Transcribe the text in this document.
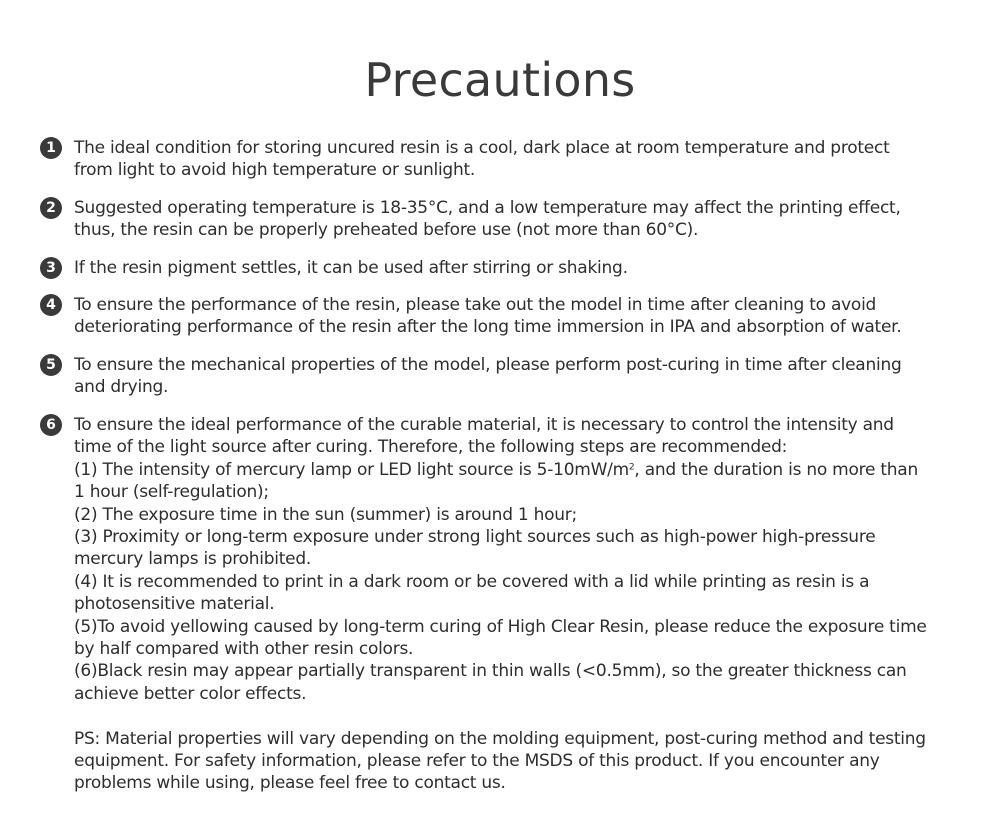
Precautions
1	The ideal condition for storing uncured resin is a cool, dark place at room temperature and protect
from light to avoid high temperature or sunlight.
2	Suggested operating temperature is 18-35°C, and a low temperature may affect the printing effect,
thus, the resin can be properly preheated before use (not more than 60°C).
3	If the resin pigment settles, it can be used after stirring or shaking.
4	To ensure the performance of the resin, please take out the model in time after cleaning to avoid
deteriorating performance of the resin after the long time immersion in IPA and absorption of water.
5	To ensure the mechanical properties of the model, please perform post-curing in time after cleaning
and drying.
6	To ensure the ideal performance of the curable material, it is necessary to control the intensity and
time of the light source after curing. Therefore, the following steps are recommended:
(1) The intensity of mercury lamp or LED light source is $5-10mW/m^2$, and the duration is no more than
1 hour (self-regulation);
(2) The exposure time in the sun (summer) is around 1 hour;
(3) Proximity or long-term exposure under strong light sources such as high-power high-pressure
mercury lamps is prohibited.
(4) It is recommended to print in a dark room or be covered with a lid while printing as resin is a
photosensitive material.
(5)To avoid yellowing caused by long-term curing of High Clear Resin, please reduce the exposure time
by half compared with other resin colors.
(6)Black resin may appear partially transparent in thin walls (<0.5mm), so the greater thickness can
achieve better color effects.
PS: Material properties will vary depending on the molding equipment, post-curing method and testing
equipment. For safety information, please refer to the MSDS of this product. If you encounter any
problems while using, please feel free to contact us.
